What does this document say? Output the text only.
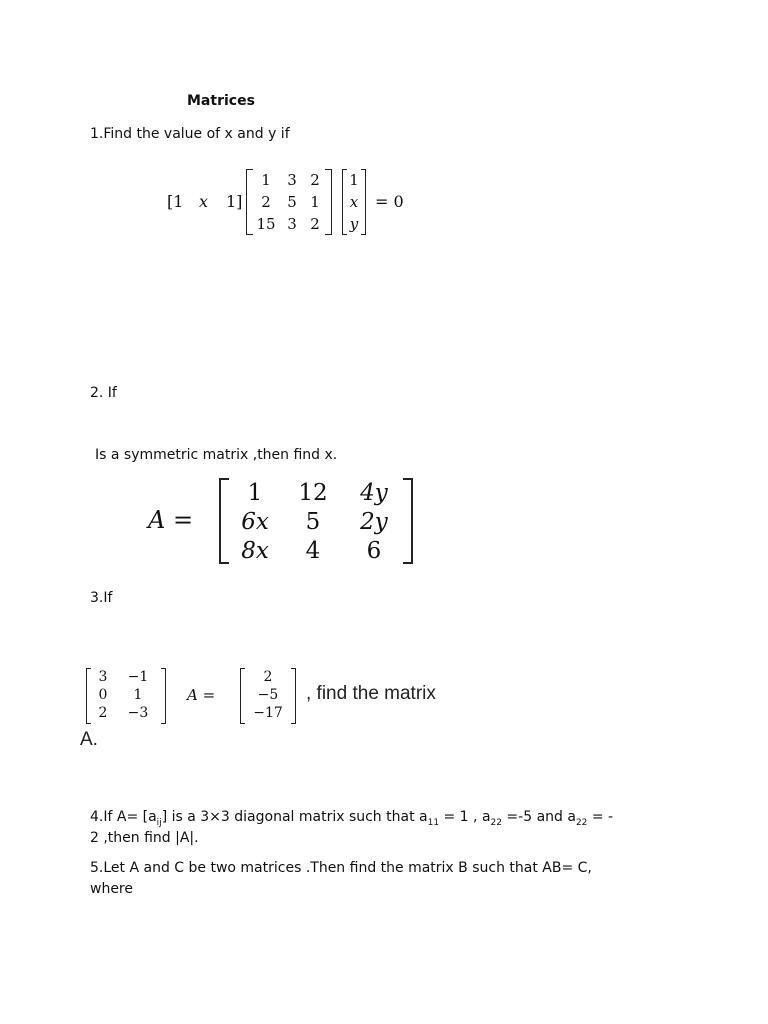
Matrices
1.Find the value of x and y if
[1 x 1]
1 3 2
2 5 1
15 3 2
1
x
y
= 0
2. If
Is a symmetric matrix ,then find x.
A =
1 12 4y
6x 5 2y
8x 4 6
3.If
3 −1
0 1
2 −3
A =
2
−5
−17
, find the matrix
A.
4.If $A= [a_{ij}]$ is a 3×3 diagonal matrix such that $a_{11} = 1$ , $a_{22} =-5$ and $a_{22}$ = -
2 ,then find |A|.
5.Let A and C be two matrices .Then find the matrix B such that AB= C,
where
